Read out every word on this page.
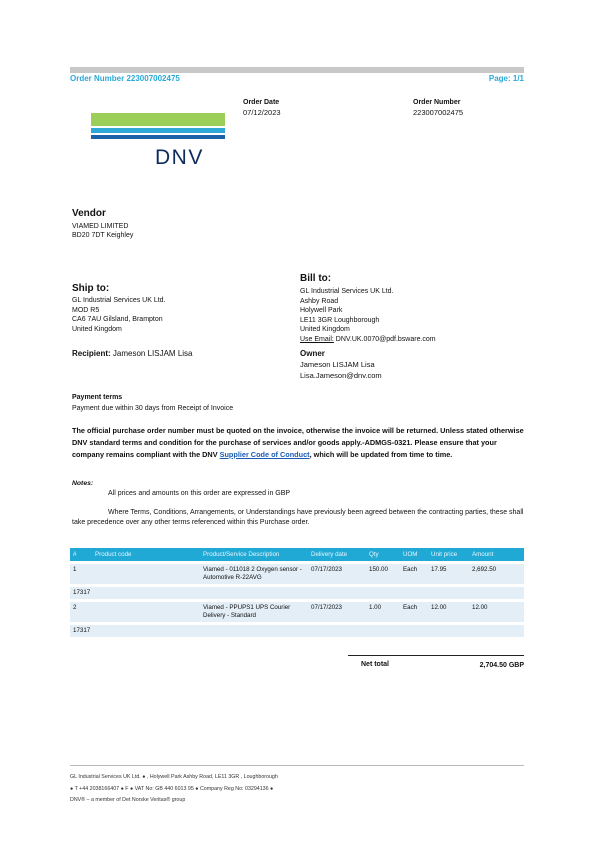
Order Number 223007002475	Page: 1/1
Order Date
07/12/2023
Order Number
223007002475
DNV
Vendor
VIAMED LIMITED
BD20 7DT Keighley
Ship to:
GL Industrial Services UK Ltd.
MOD R5
CA6 7AU Gilsland, Brampton
United Kingdom
Bill to:
GL Industrial Services UK Ltd.
Ashby Road
Holywell Park
LE11 3GR Loughborough
United Kingdom
Use Email: DNV.UK.0070@pdf.bsware.com
Recipient: Jameson LISJAM Lisa	Owner
Jameson LISJAM Lisa
Lisa.Jameson@dnv.com
Payment terms
Payment due within 30 days from Receipt of Invoice
The official purchase order number must be quoted on the invoice, otherwise the invoice will be returned. Unless stated otherwise DNV standard terms and condition for the purchase of services and/or goods apply.-ADMGS-0321. Please ensure that your company remains compliant with the DNV Supplier Code of Conduct, which will be updated from time to time.
Notes:
All prices and amounts on this order are expressed in GBP
Where Terms, Conditions, Arrangements, or Understandings have previously been agreed between the contracting parties, these shall take precedence over any other terms referenced within this Purchase order.
#	Product code	Product/Service Description	Delivery date	Qty	UOM	Unit price	Amount

1		Viamed - 011018 2 Oxygen sensor - Automotive R-22AVG	07/17/2023	150.00	Each	17.95	2,692.50

17317							

2		Viamed - PPUPS1 UPS Courier Delivery - Standard	07/17/2023	1.00	Each	12.00	12.00

17317							
Net total	2,704.50 GBP
GL Industrial Services UK Ltd. ● , Holywell Park Ashby Road, LE11 3GR , Loughborough
● T +44 2038166407 ● F ● VAT No: GB 440 6013 95 ● Company Reg No: 03294136 ●
DNV® – a member of Det Norske Veritas® group
